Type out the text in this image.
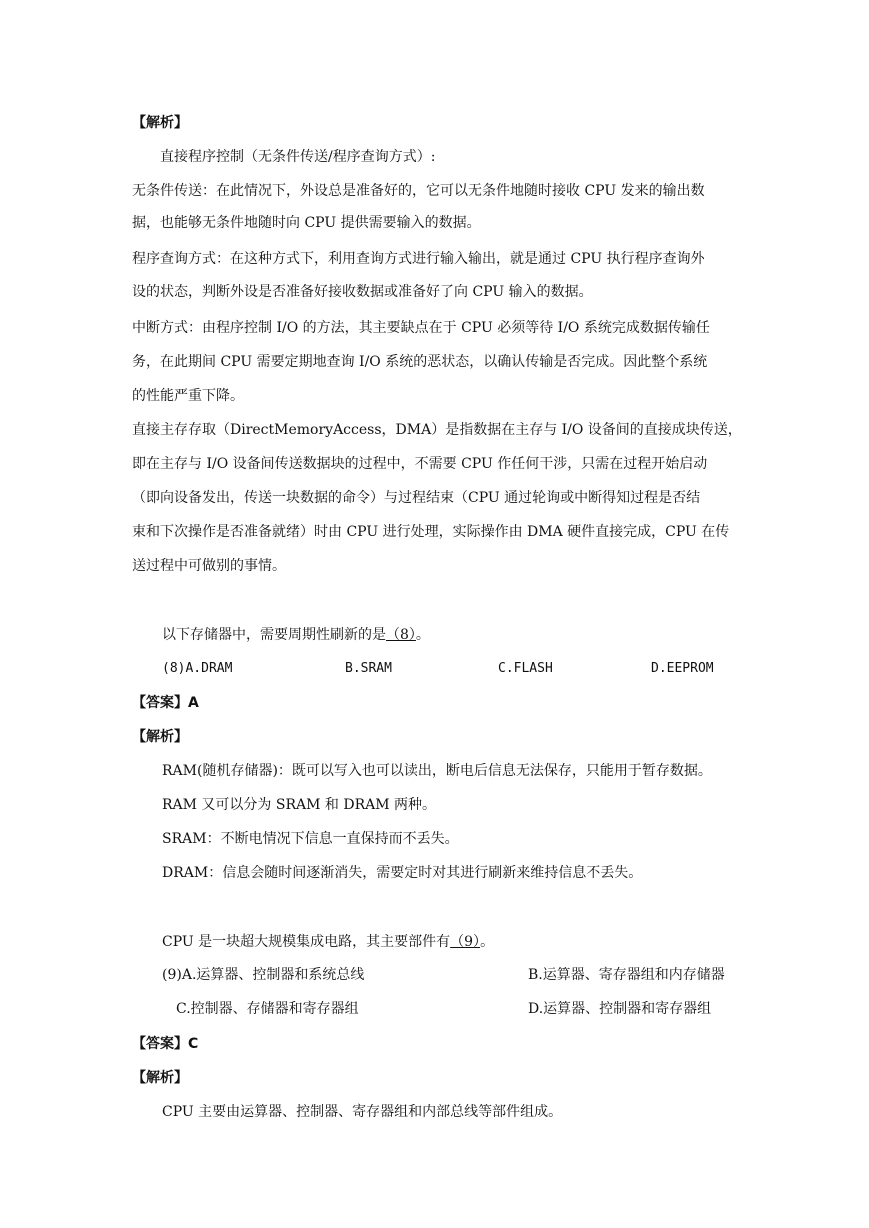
【解析】
直接程序控制（无条件传送/程序查询方式）:
无条件传送：在此情况下，外设总是准备好的，它可以无条件地随时接收 CPU 发来的输出数
据，也能够无条件地随时向 CPU 提供需要输入的数据。
程序查询方式：在这种方式下，利用查询方式进行输入输出，就是通过 CPU 执行程序查询外
设的状态，判断外设是否准备好接收数据或准备好了向 CPU 输入的数据。
中断方式：由程序控制 I/O 的方法，其主要缺点在于 CPU 必须等待 I/O 系统完成数据传输任
务，在此期间 CPU 需要定期地查询 I/O 系统的恶状态，以确认传输是否完成。因此整个系统
的性能严重下降。
直接主存存取（DirectMemoryAccess，DMA）是指数据在主存与 I/O 设备间的直接成块传送，
即在主存与 I/O 设备间传送数据块的过程中，不需要 CPU 作任何干涉，只需在过程开始启动
（即向设备发出，传送一块数据的命令）与过程结束（CPU 通过轮询或中断得知过程是否结
束和下次操作是否准备就绪）时由 CPU 进行处理，实际操作由 DMA 硬件直接完成，CPU 在传
送过程中可做别的事情。
以下存储器中，需要周期性刷新的是（8）。
(8)A.DRAM	B.SRAM	C.FLASH	D.EEPROM
【答案】A
【解析】
RAM(随机存储器)：既可以写入也可以读出，断电后信息无法保存，只能用于暂存数据。
RAM 又可以分为 SRAM 和 DRAM 两种。
SRAM：不断电情况下信息一直保持而不丢失。
DRAM：信息会随时间逐渐消失，需要定时对其进行刷新来维持信息不丢失。
CPU 是一块超大规模集成电路，其主要部件有（9）。
(9)A.运算器、控制器和系统总线	B.运算器、寄存器组和内存储器
C.控制器、存储器和寄存器组	D.运算器、控制器和寄存器组
【答案】C
【解析】
CPU 主要由运算器、控制器、寄存器组和内部总线等部件组成。
